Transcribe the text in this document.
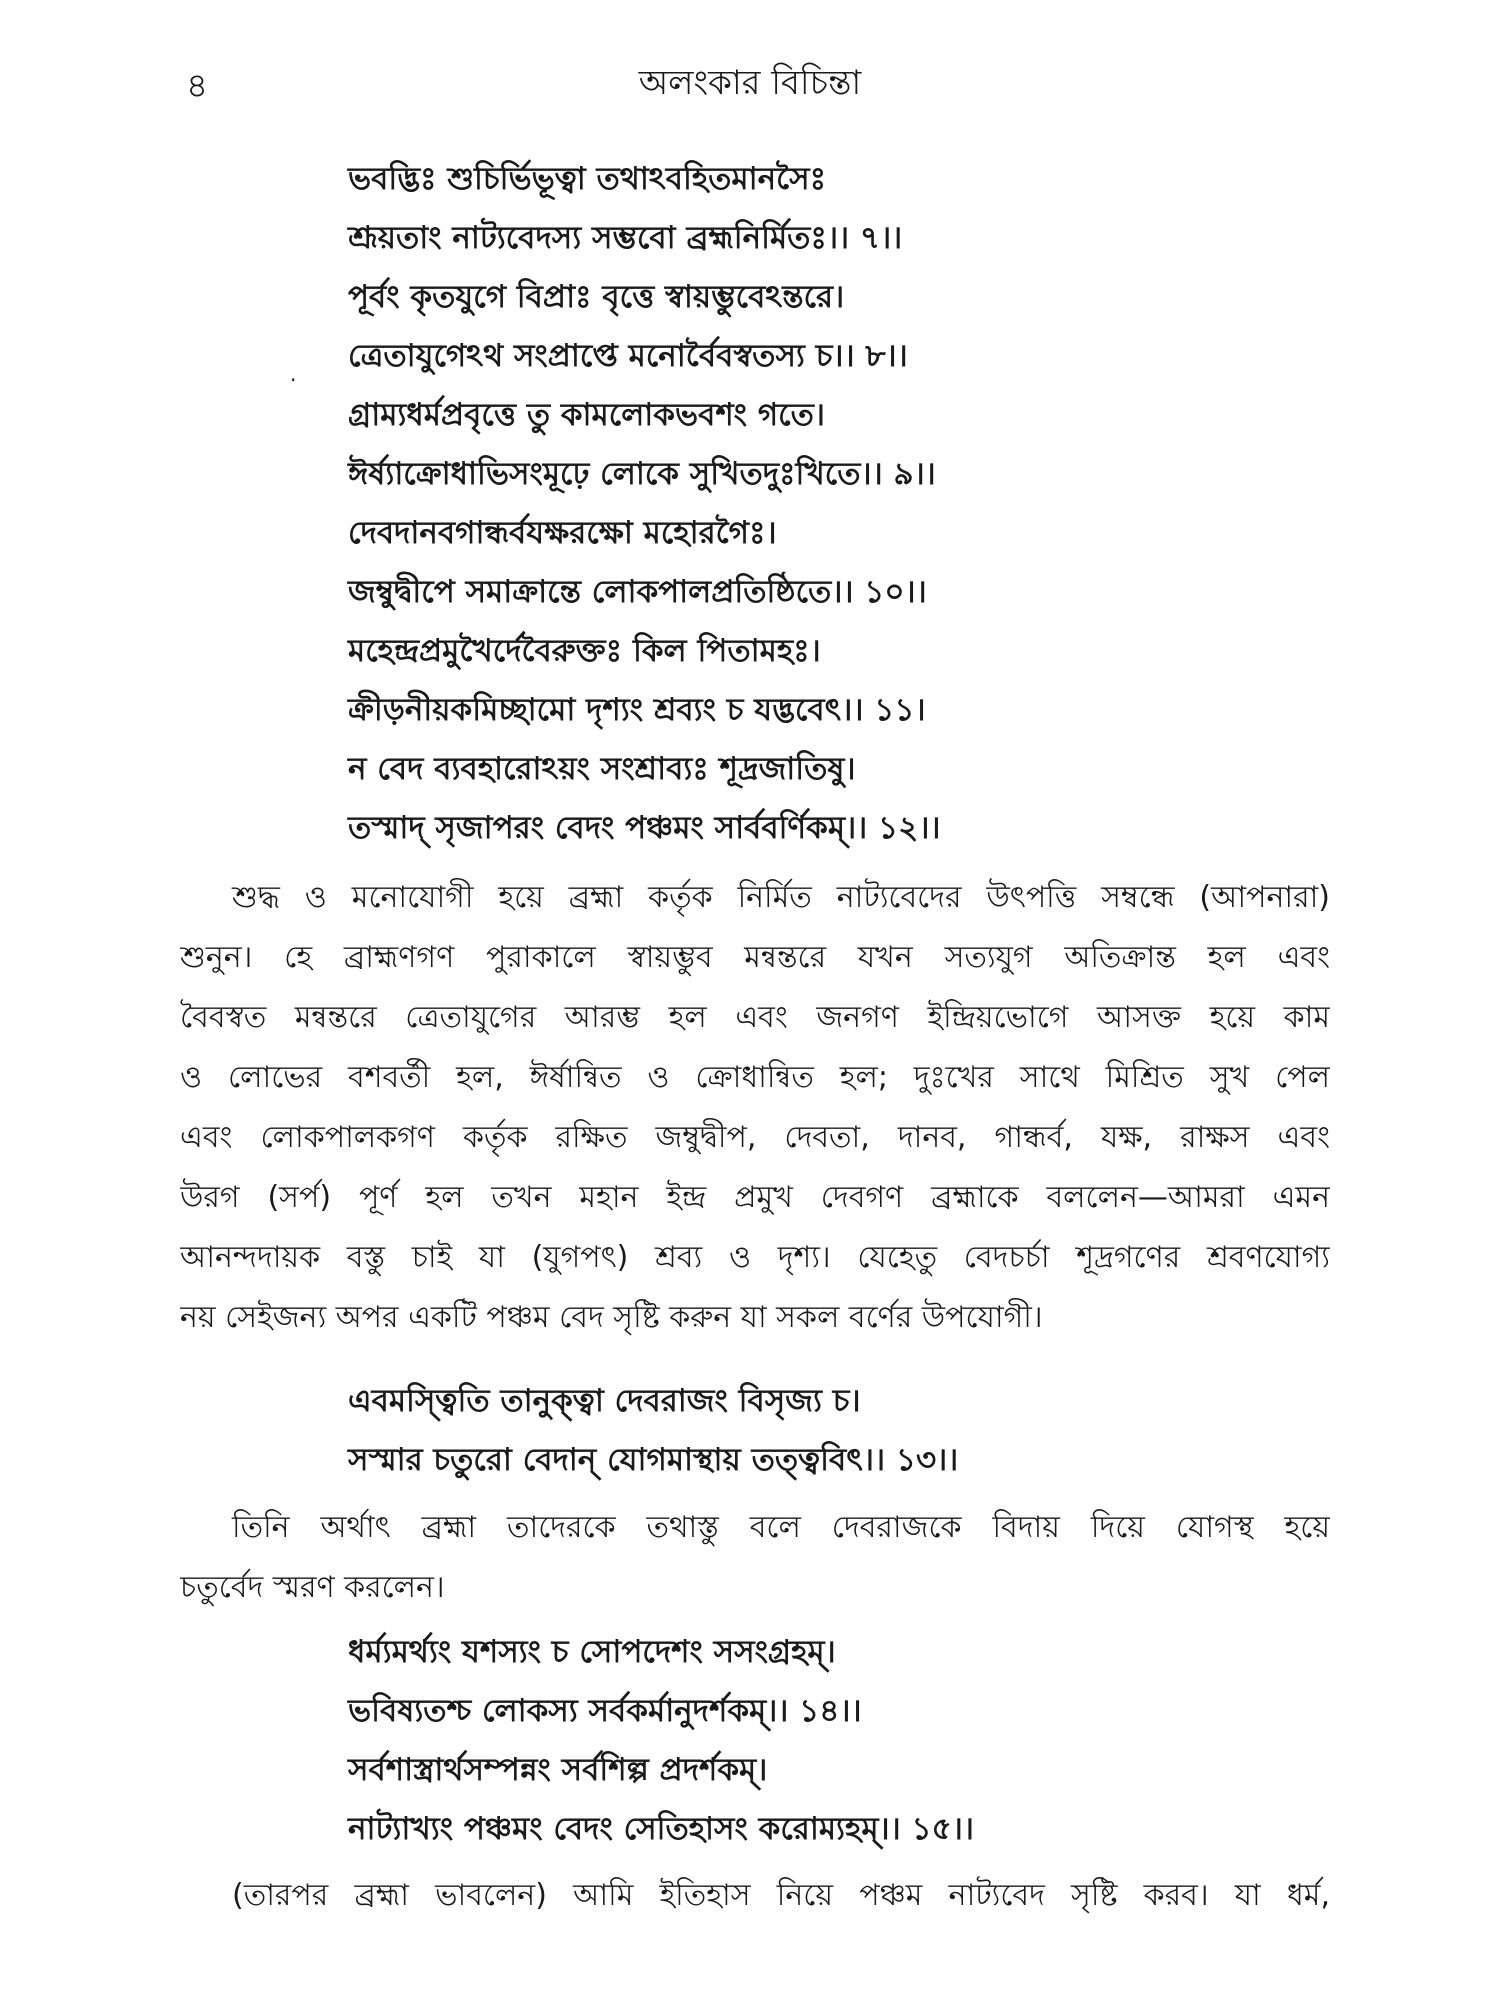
৪	অলংকার বিচিন্তা
·
ভবদ্ভিঃ শুচির্ভিভূত্বা তথাঽবহিতমানসৈঃ
শ্রূয়তাং নাট্যবেদস্য সম্ভবো ব্রহ্মনির্মিতঃ।। ৭।।
পূর্বং কৃতযুগে বিপ্রাঃ বৃত্তে স্বায়ম্ভুবেঽন্তরে।
ত্রেতাযুগেঽথ সংপ্রাপ্তে মনোর্বৈবস্বতস্য চ।। ৮।।
গ্রাম্যধর্মপ্রবৃত্তে তু কামলোকভবশং গতে।
ঈর্ষ্যাক্রোধাভিসংমূঢ়ে লোকে সুখিতদুঃখিতে।। ৯।।
দেবদানবগান্ধর্বযক্ষরক্ষো মহোরগৈঃ।
জম্বুদ্বীপে সমাক্রান্তে লোকপালপ্রতিষ্ঠিতে।। ১০।।
মহেন্দ্রপ্রমুখৈর্দেবৈরুক্তঃ কিল পিতামহঃ।
ক্রীড়নীয়কমিচ্ছামো দৃশ্যং শ্রব্যং চ যদ্ভবেৎ।। ১১।
ন বেদ ব্যবহারোঽয়ং সংশ্রাব্যঃ শূদ্রজাতিষু।
তস্মাদ্ সৃজাপরং বেদং পঞ্চমং সার্ববর্ণিকম্।। ১২।।
শুদ্ধ ও মনোযোগী হয়ে ব্রহ্মা কর্তৃক নির্মিত নাট্যবেদের উৎপত্তি সম্বন্ধে (আপনারা)
শুনুন। হে ব্রাহ্মণগণ পুরাকালে স্বায়ম্ভুব মন্বন্তরে যখন সত্যযুগ অতিক্রান্ত হল এবং
বৈবস্বত মন্বন্তরে ত্রেতাযুগের আরম্ভ হল এবং জনগণ ইন্দ্রিয়ভোগে আসক্ত হয়ে কাম
ও লোভের বশবর্তী হল, ঈর্ষান্বিত ও ক্রোধান্বিত হল; দুঃখের সাথে মিশ্রিত সুখ পেল
এবং লোকপালকগণ কর্তৃক রক্ষিত জম্বুদ্বীপ, দেবতা, দানব, গান্ধর্ব, যক্ষ, রাক্ষস এবং
উরগ (সর্প) পূর্ণ হল তখন মহান ইন্দ্র প্রমুখ দেবগণ ব্রহ্মাকে বললেন—আমরা এমন
আনন্দদায়ক বস্তু চাই যা (যুগপৎ) শ্রব্য ও দৃশ্য। যেহেতু বেদচর্চা শূদ্রগণের শ্রবণযোগ্য
নয় সেইজন্য অপর একটি পঞ্চম বেদ সৃষ্টি করুন যা সকল বর্ণের উপযোগী।
এবমস্ত্বিতি তানুক্ত্বা দেবরাজং বিসৃজ্য চ।
সস্মার চতুরো বেদান্ যোগমাস্থায় তত্ত্ববিৎ।। ১৩।।
তিনি অর্থাৎ ব্রহ্মা তাদেরকে তথাস্তু বলে দেবরাজকে বিদায় দিয়ে যোগস্থ হয়ে
চতুর্বেদ স্মরণ করলেন।
ধর্ম্যমর্থ্যং যশস্যং চ সোপদেশং সসংগ্রহম্।
ভবিষ্যতশ্চ লোকস্য সর্বকর্মানুদর্শকম্।। ১৪।।
সর্বশাস্ত্রার্থসম্পন্নং সর্বশিল্প প্রদর্শকম্।
নাট্যাখ্যং পঞ্চমং বেদং সেতিহাসং করোম্যহম্।। ১৫।।
(তারপর ব্রহ্মা ভাবলেন) আমি ইতিহাস নিয়ে পঞ্চম নাট্যবেদ সৃষ্টি করব। যা ধর্ম,
